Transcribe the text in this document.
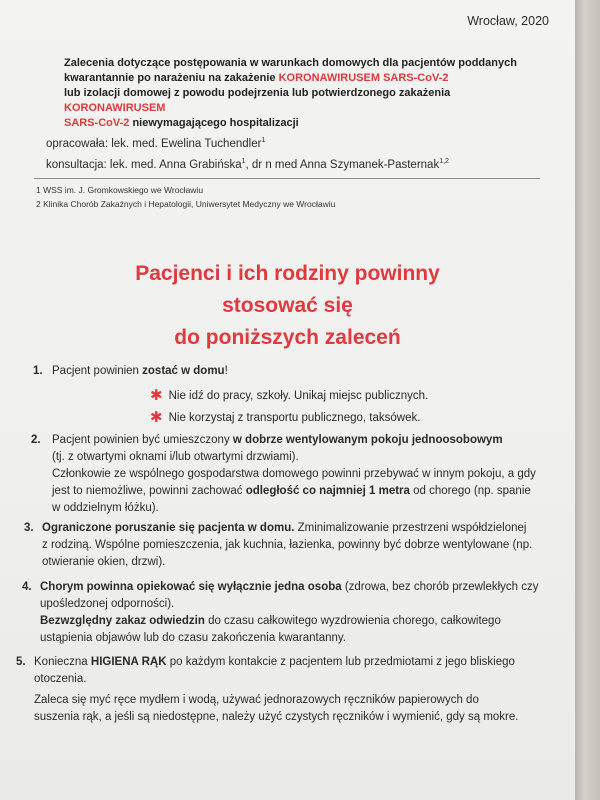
Wrocław, 2020
Zalecenia dotyczące postępowania w warunkach domowych dla pacjentów poddanych
kwarantannie po narażeniu na zakażenie KORONAWIRUSEM SARS-CoV-2
lub izolacji domowej z powodu podejrzenia lub potwierdzonego zakażenia KORONAWIRUSEM
SARS-CoV-2 niewymagającego hospitalizacji
opracowała: lek. med. Ewelina Tuchendler$^1$
konsultacja: lek. med. Anna Grabińska$^1$, dr n med Anna Szymanek-Pasternak$^{1,2}$
1 WSS im. J. Gromkowskiego we Wrocławiu
2 Klinika Chorób Zakaźnych i Hepatologii, Uniwersytet Medyczny we Wrocławiu
Pacjenci i ich rodziny powinny
stosować się
do poniższych zaleceń
1. Pacjent powinien zostać w domu!
✱ Nie idź do pracy, szkoły. Unikaj miejsc publicznych.
✱ Nie korzystaj z transportu publicznego, taksówek.
2. Pacjent powinien być umieszczony w dobrze wentylowanym pokoju jednoosobowym
(tj. z otwartymi oknami i/lub otwartymi drzwiami).
Członkowie ze wspólnego gospodarstwa domowego powinni przebywać w innym pokoju, a gdy
jest to niemożliwe, powinni zachować odległość co najmniej 1 metra od chorego (np. spanie
w oddzielnym łóżku).
3. Ograniczone poruszanie się pacjenta w domu. Zminimalizowanie przestrzeni współdzielonej
z rodziną. Wspólne pomieszczenia, jak kuchnia, łazienka, powinny być dobrze wentylowane (np.
otwieranie okien, drzwi).
4. Chorym powinna opiekować się wyłącznie jedna osoba (zdrowa, bez chorób przewlekłych czy
upośledzonej odporności).
Bezwzględny zakaz odwiedzin do czasu całkowitego wyzdrowienia chorego, całkowitego
ustąpienia objawów lub do czasu zakończenia kwarantanny.
5. Konieczna HIGIENA RĄK po każdym kontakcie z pacjentem lub przedmiotami z jego bliskiego
otoczenia.
Zaleca się myć ręce mydłem i wodą, używać jednorazowych ręczników papierowych do
suszenia rąk, a jeśli są niedostępne, należy użyć czystych ręczników i wymienić, gdy są mokre.
